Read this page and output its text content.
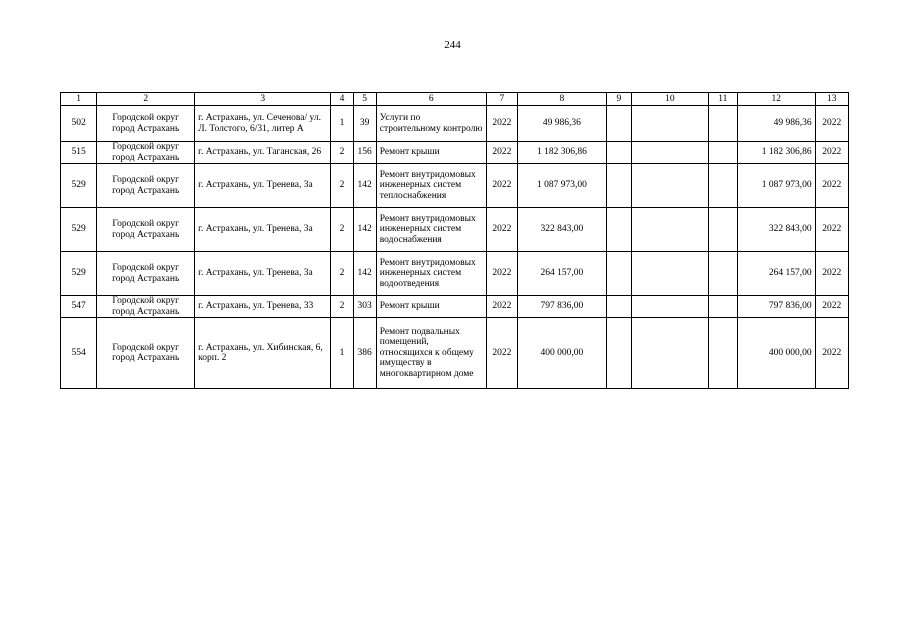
244
1	2	3	4	5	6	7	8	9	10	11	12	13
502	Городской округ город Астрахань	г. Астрахань, ул. Сеченова/ ул. Л. Толстого, 6/31, литер А	1	39	Услуги по строительному контролю	2022	49 986,36				49 986,36	2022
515	Городской округ город Астрахань	г. Астрахань, ул. Таганская, 26	2	156	Ремонт крыши	2022	1 182 306,86				1 182 306,86	2022
529	Городской округ город Астрахань	г. Астрахань, ул. Тренева, 3а	2	142	Ремонт внутридомовых инженерных систем теплоснабжения	2022	1 087 973,00				1 087 973,00	2022
529	Городской округ город Астрахань	г. Астрахань, ул. Тренева, 3а	2	142	Ремонт внутридомовых инженерных систем водоснабжения	2022	322 843,00				322 843,00	2022
529	Городской округ город Астрахань	г. Астрахань, ул. Тренева, 3а	2	142	Ремонт внутридомовых инженерных систем водоотведения	2022	264 157,00				264 157,00	2022
547	Городской округ город Астрахань	г. Астрахань, ул. Тренева, 33	2	303	Ремонт крыши	2022	797 836,00				797 836,00	2022
554	Городской округ город Астрахань	г. Астрахань, ул. Хибинская, 6, корп. 2	1	386	Ремонт подвальных помещений, относящихся к общему имуществу в многоквартирном доме	2022	400 000,00				400 000,00	2022
